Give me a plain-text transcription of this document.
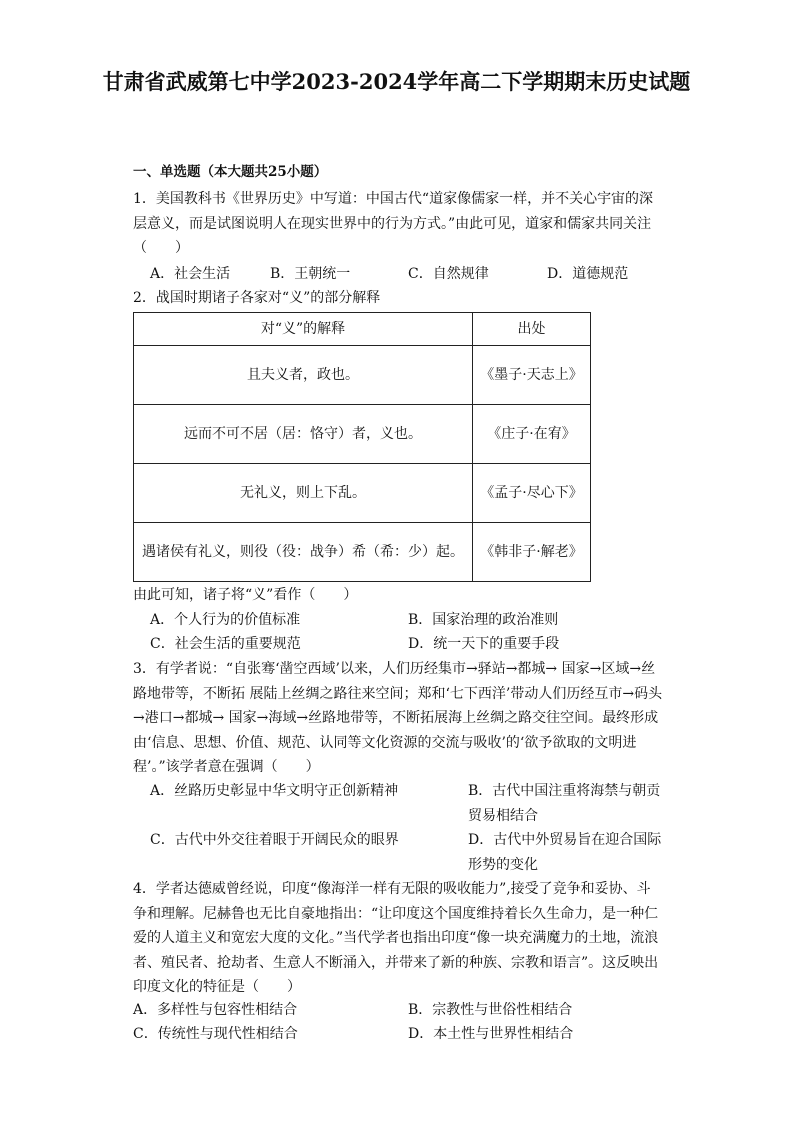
甘肃省武威第七中学2023-2024学年高二下学期期末历史试题
一、单选题（本大题共25小题）

1．美国教科书《世界历史》中写道：中国古代“道家像儒家一样，并不关心宇宙的深层意义，而是试图说明人在现实世界中的行为方式。”由此可见，道家和儒家共同关注（　　）

A．社会生活	B．王朝统一	C．自然规律	D．道德规范
2．战国时期诸子各家对“义”的部分解释
对“义”的解释	出处
且夫义者，政也。	《墨子·天志上》
远而不可不居（居：恪守）者，义也。	《庄子·在宥》
无礼义，则上下乱。	《孟子·尽心下》
遇诸侯有礼义，则役（役：战争）希（希：少）起。	《韩非子·解老》
由此可知，诸子将“义”看作（　　）
A．个人行为的价值标准	B．国家治理的政治准则
C．社会生活的重要规范	D．统一天下的重要手段
3．有学者说：“自张骞‘凿空西域’以来，人们历经集市→驿站→都城→ 国家→区域→丝路地带等，不断拓 展陆上丝绸之路往来空间；郑和‘七下西洋’带动人们历经互市→码头→港口→都城→ 国家→海域→丝路地带等，不断拓展海上丝绸之路交往空间。最终形成由‘信息、思想、价值、规范、认同等文化资源的交流与吸收’的‘欲予欲取的文明进程’。”该学者意在强调（　　）
A．丝路历史彰显中华文明守正创新精神	B．古代中国注重将海禁与朝贡贸易相结合
C．古代中外交往着眼于开阔民众的眼界	D．古代中外贸易旨在迎合国际形势的变化
4．学者达德威曾经说，印度“像海洋一样有无限的吸收能力”,接受了竞争和妥协、斗争和理解。尼赫鲁也无比自豪地指出：“让印度这个国度维持着长久生命力，是一种仁爱的人道主义和宽宏大度的文化。”当代学者也指出印度“像一块充满魔力的土地，流浪者、殖民者、抢劫者、生意人不断涌入，并带来了新的种族、宗教和语言”。这反映出印度文化的特征是（　　）
A．多样性与包容性相结合	B．宗教性与世俗性相结合
C．传统性与现代性相结合	D．本土性与世界性相结合
